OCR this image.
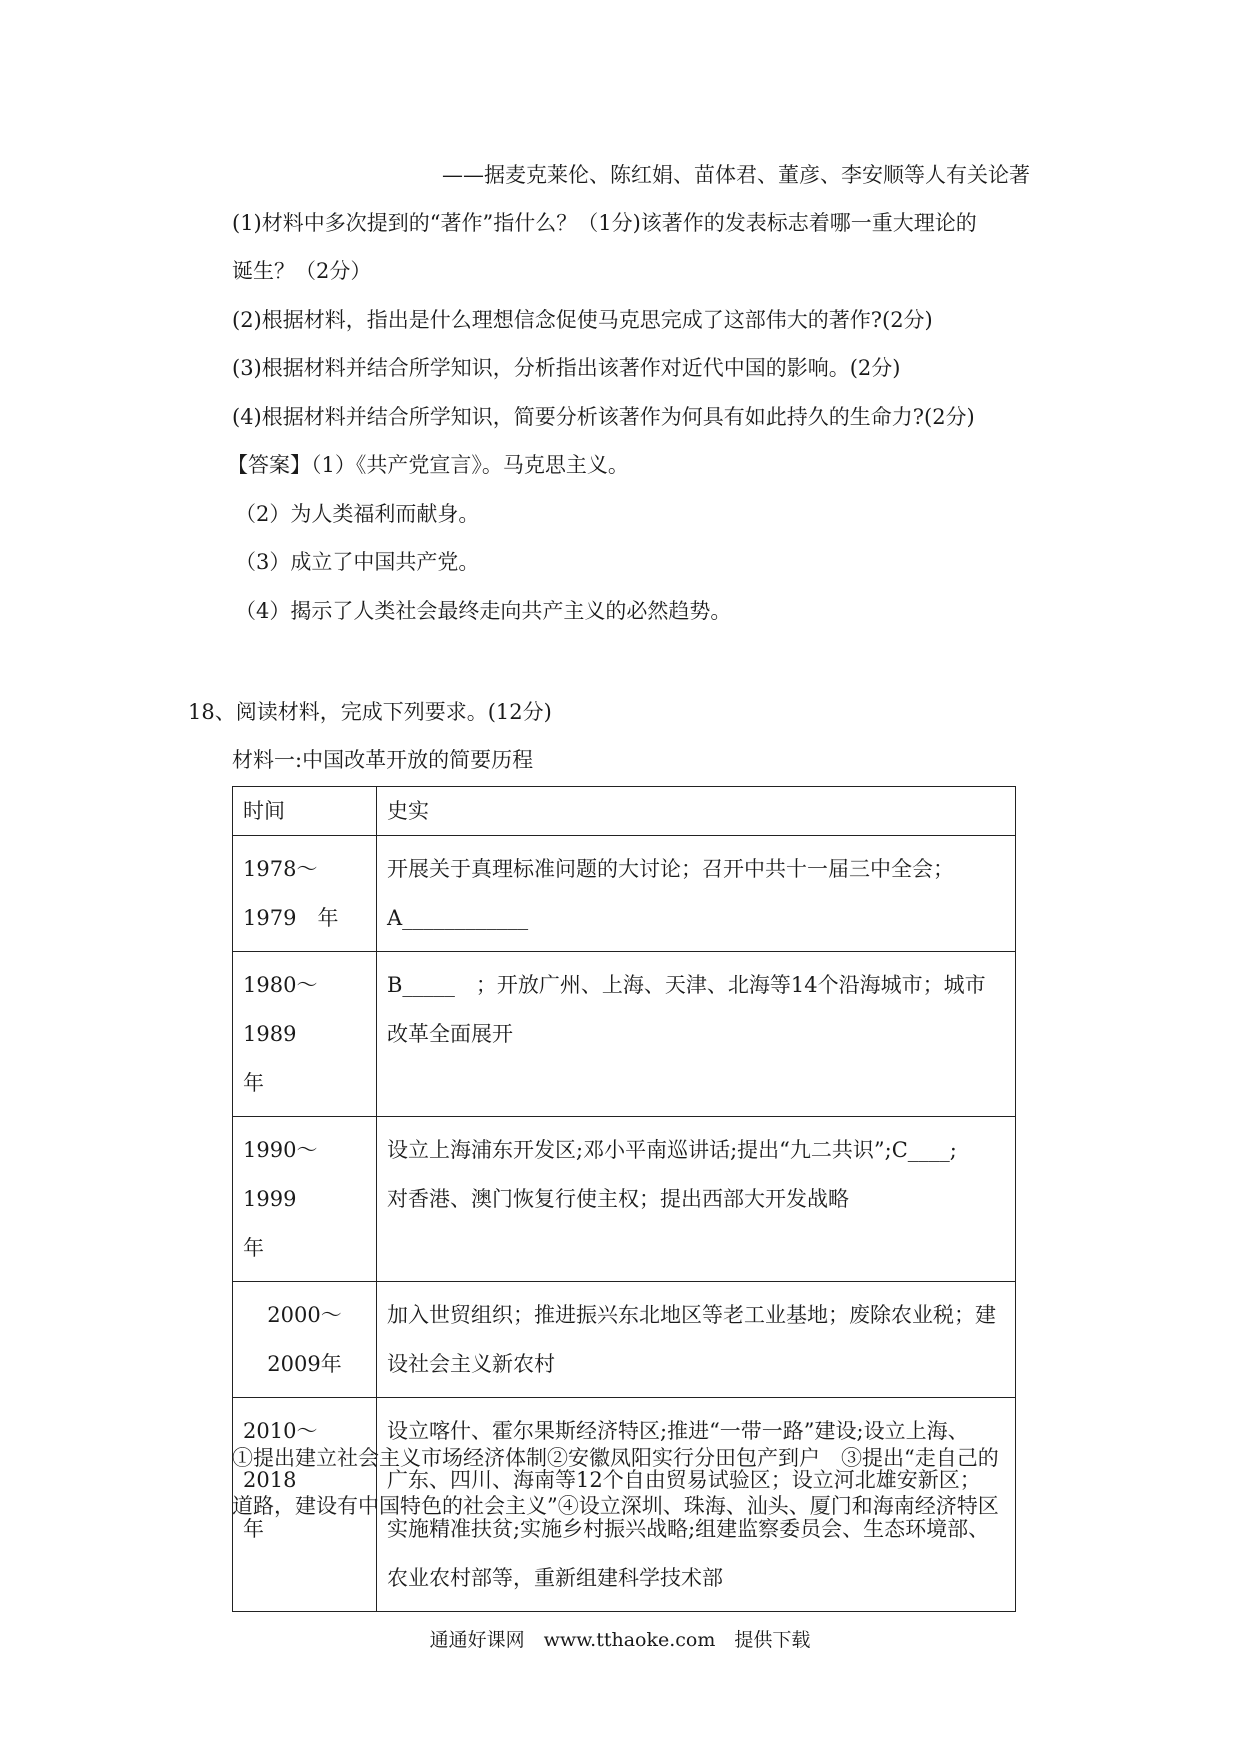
——据麦克莱伦、陈红娟、苗体君、董彦、李安顺等人有关论著
(1)材料中多次提到的“著作”指什么？（1分)该著作的发表标志着哪一重大理论的
诞生？（2分）
(2)根据材料，指出是什么理想信念促使马克思完成了这部伟大的著作?(2分)
(3)根据材料并结合所学知识，分析指出该著作对近代中国的影响。(2分)
(4)根据材料并结合所学知识，简要分析该著作为何具有如此持久的生命力?(2分)
【答案】（1）《共产党宣言》。马克思主义。
（2）为人类福利而献身。
（3）成立了中国共产党。
（4）揭示了人类社会最终走向共产主义的必然趋势。
18、阅读材料，完成下列要求。(12分)
材料一:中国改革开放的简要历程
时间	史实
1978～
1979　年	开展关于真理标准问题的大讨论；召开中共十一届三中全会；
A____________
1980～1989
年	B_____　；开放广州、上海、天津、北海等14个沿海城市；城市
改革全面展开
1990～1999
年	设立上海浦东开发区;邓小平南巡讲话;提出“九二共识”;C____;
对香港、澳门恢复行使主权；提出西部大开发战略
2000～
2009年	加入世贸组织；推进振兴东北地区等老工业基地；废除农业税；建
设社会主义新农村
2010～2018
年	设立喀什、霍尔果斯经济特区;推进“一带一路”建设;设立上海、
广东、四川、海南等12个自由贸易试验区；设立河北雄安新区；
实施精准扶贫;实施乡村振兴战略;组建监察委员会、生态环境部、
农业农村部等，重新组建科学技术部
①提出建立社会主义市场经济体制②安徽凤阳实行分田包产到户　③提出“走自己的
道路，建设有中国特色的社会主义”④设立深圳、珠海、汕头、厦门和海南经济特区
通通好课网　www.tthaoke.com　提供下载
